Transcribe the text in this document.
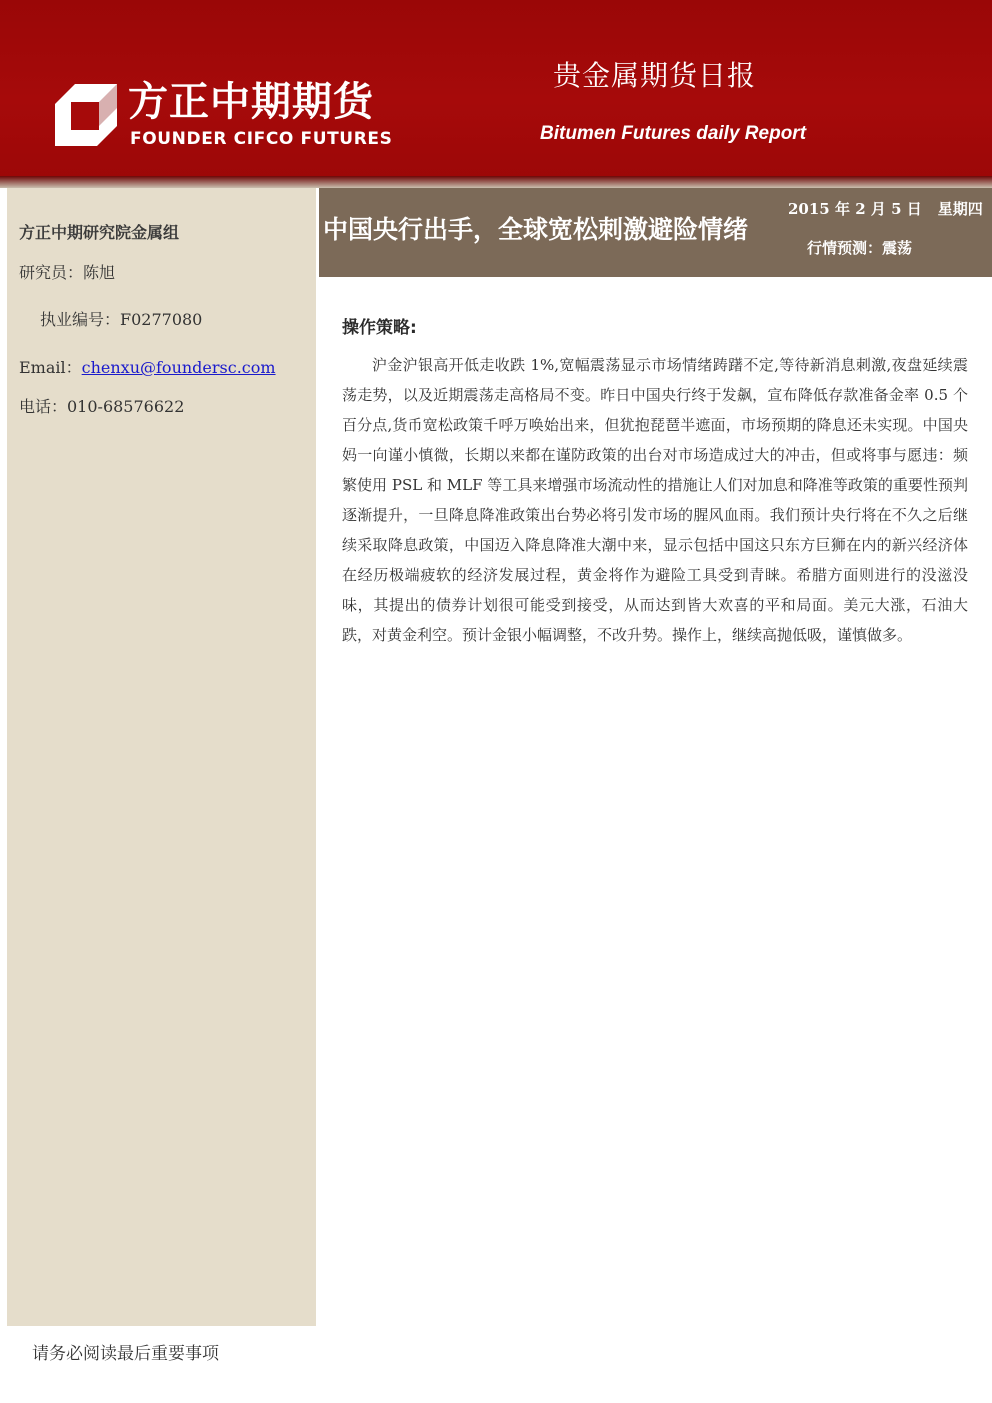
方正中期期货
FOUNDER CIFCO FUTURES
贵金属期货日报
Bitumen Futures daily Report
方正中期研究院金属组
研究员：陈旭
执业编号：F0277080
Email：chenxu@foundersc.com
电话：010-68576622
中国央行出手，全球宽松刺激避险情绪
2015 年 2 月 5 日 星期四
行情预测：震荡
操作策略:

沪金沪银高开低走收跌 1%,宽幅震荡显示市场情绪踌躇不定,等待新消息刺激,夜盘延续震荡走势，以及近期震荡走高格局不变。昨日中国央行终于发飙，宣布降低存款准备金率 0.5 个百分点,货币宽松政策千呼万唤始出来，但犹抱琵琶半遮面，市场预期的降息还未实现。中国央妈一向谨小慎微，长期以来都在谨防政策的出台对市场造成过大的冲击，但或将事与愿违：频繁使用 PSL 和 MLF 等工具来增强市场流动性的措施让人们对加息和降准等政策的重要性预判逐渐提升，一旦降息降准政策出台势必将引发市场的腥风血雨。我们预计央行将在不久之后继续采取降息政策，中国迈入降息降准大潮中来，显示包括中国这只东方巨狮在内的新兴经济体在经历极端疲软的经济发展过程，黄金将作为避险工具受到青睐。希腊方面则进行的没滋没味，其提出的债券计划很可能受到接受，从而达到皆大欢喜的平和局面。美元大涨，石油大跌，对黄金利空。预计金银小幅调整，不改升势。操作上，继续高抛低吸，谨慎做多。

请务必阅读最后重要事项
